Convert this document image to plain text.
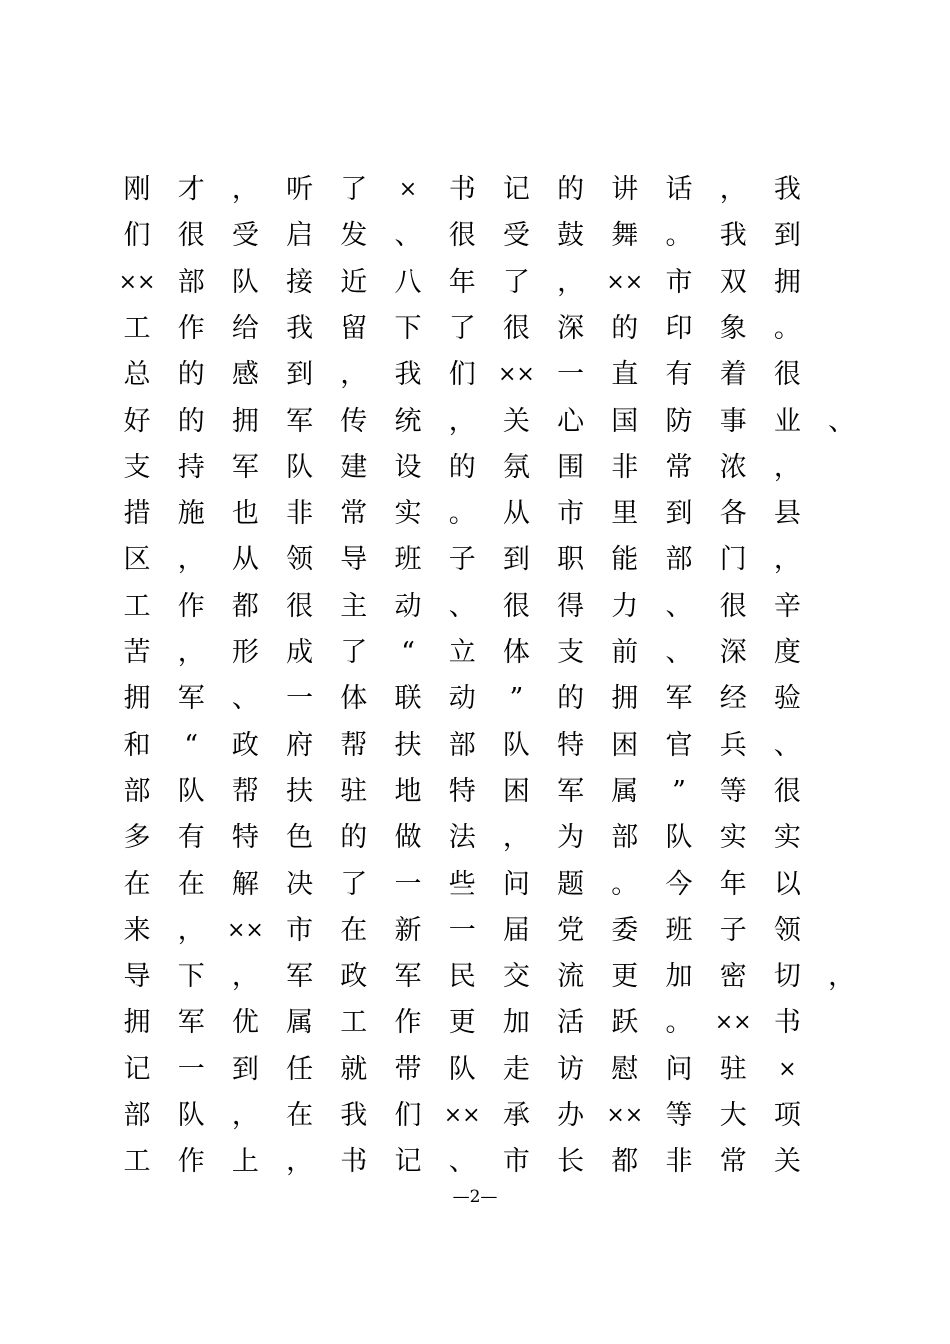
刚 才 ， 听 了	×	书 记 的 讲 话 ， 我
们 很 受 启 发 、 很 受 鼓 舞 。 我 到
×× 部 队 接 近 八 年 了 ， ×× 市 双 拥
工 作 给 我 留 下 了 很 深 的 印 象 。
总 的 感 到 ， 我 们 ×× 一 直 有 着 很
好 的 拥 军 传 统 ， 关 心 国 防 事 业 、
支 持 军 队 建 设 的 氛 围 非 常 浓 ，
措 施 也 非 常 实 。 从 市 里 到 各 县
区 ， 从 领 导 班 子 到 职 能 部 门 ，
工 作 都 很 主 动 、 很 得 力 、 很 辛
苦 ， 形 成 了	“	立 体 支 前 、 深 度
拥 军 、 一 体 联 动	”	的 拥 军 经 验
和	“	政 府 帮 扶 部 队 特 困 官 兵 、
部 队 帮 扶 驻 地 特 困 军 属	”	等 很
多 有 特 色 的 做 法 ， 为 部 队 实 实
在 在 解 决 了 一 些 问 题 。 今 年 以
来 ， ×× 市 在 新 一 届 党 委 班 子 领
导 下 ， 军 政 军 民 交 流 更 加 密 切 ，
拥 军 优 属 工 作 更 加 活 跃 。 ×× 书
记 一 到 任 就 带 队 走 访 慰 问 驻	×
部 队 ， 在 我 们 ×× 承 办 ×× 等 大 项
工 作 上 ， 书 记 、 市 长 都 非 常 关
—2—
